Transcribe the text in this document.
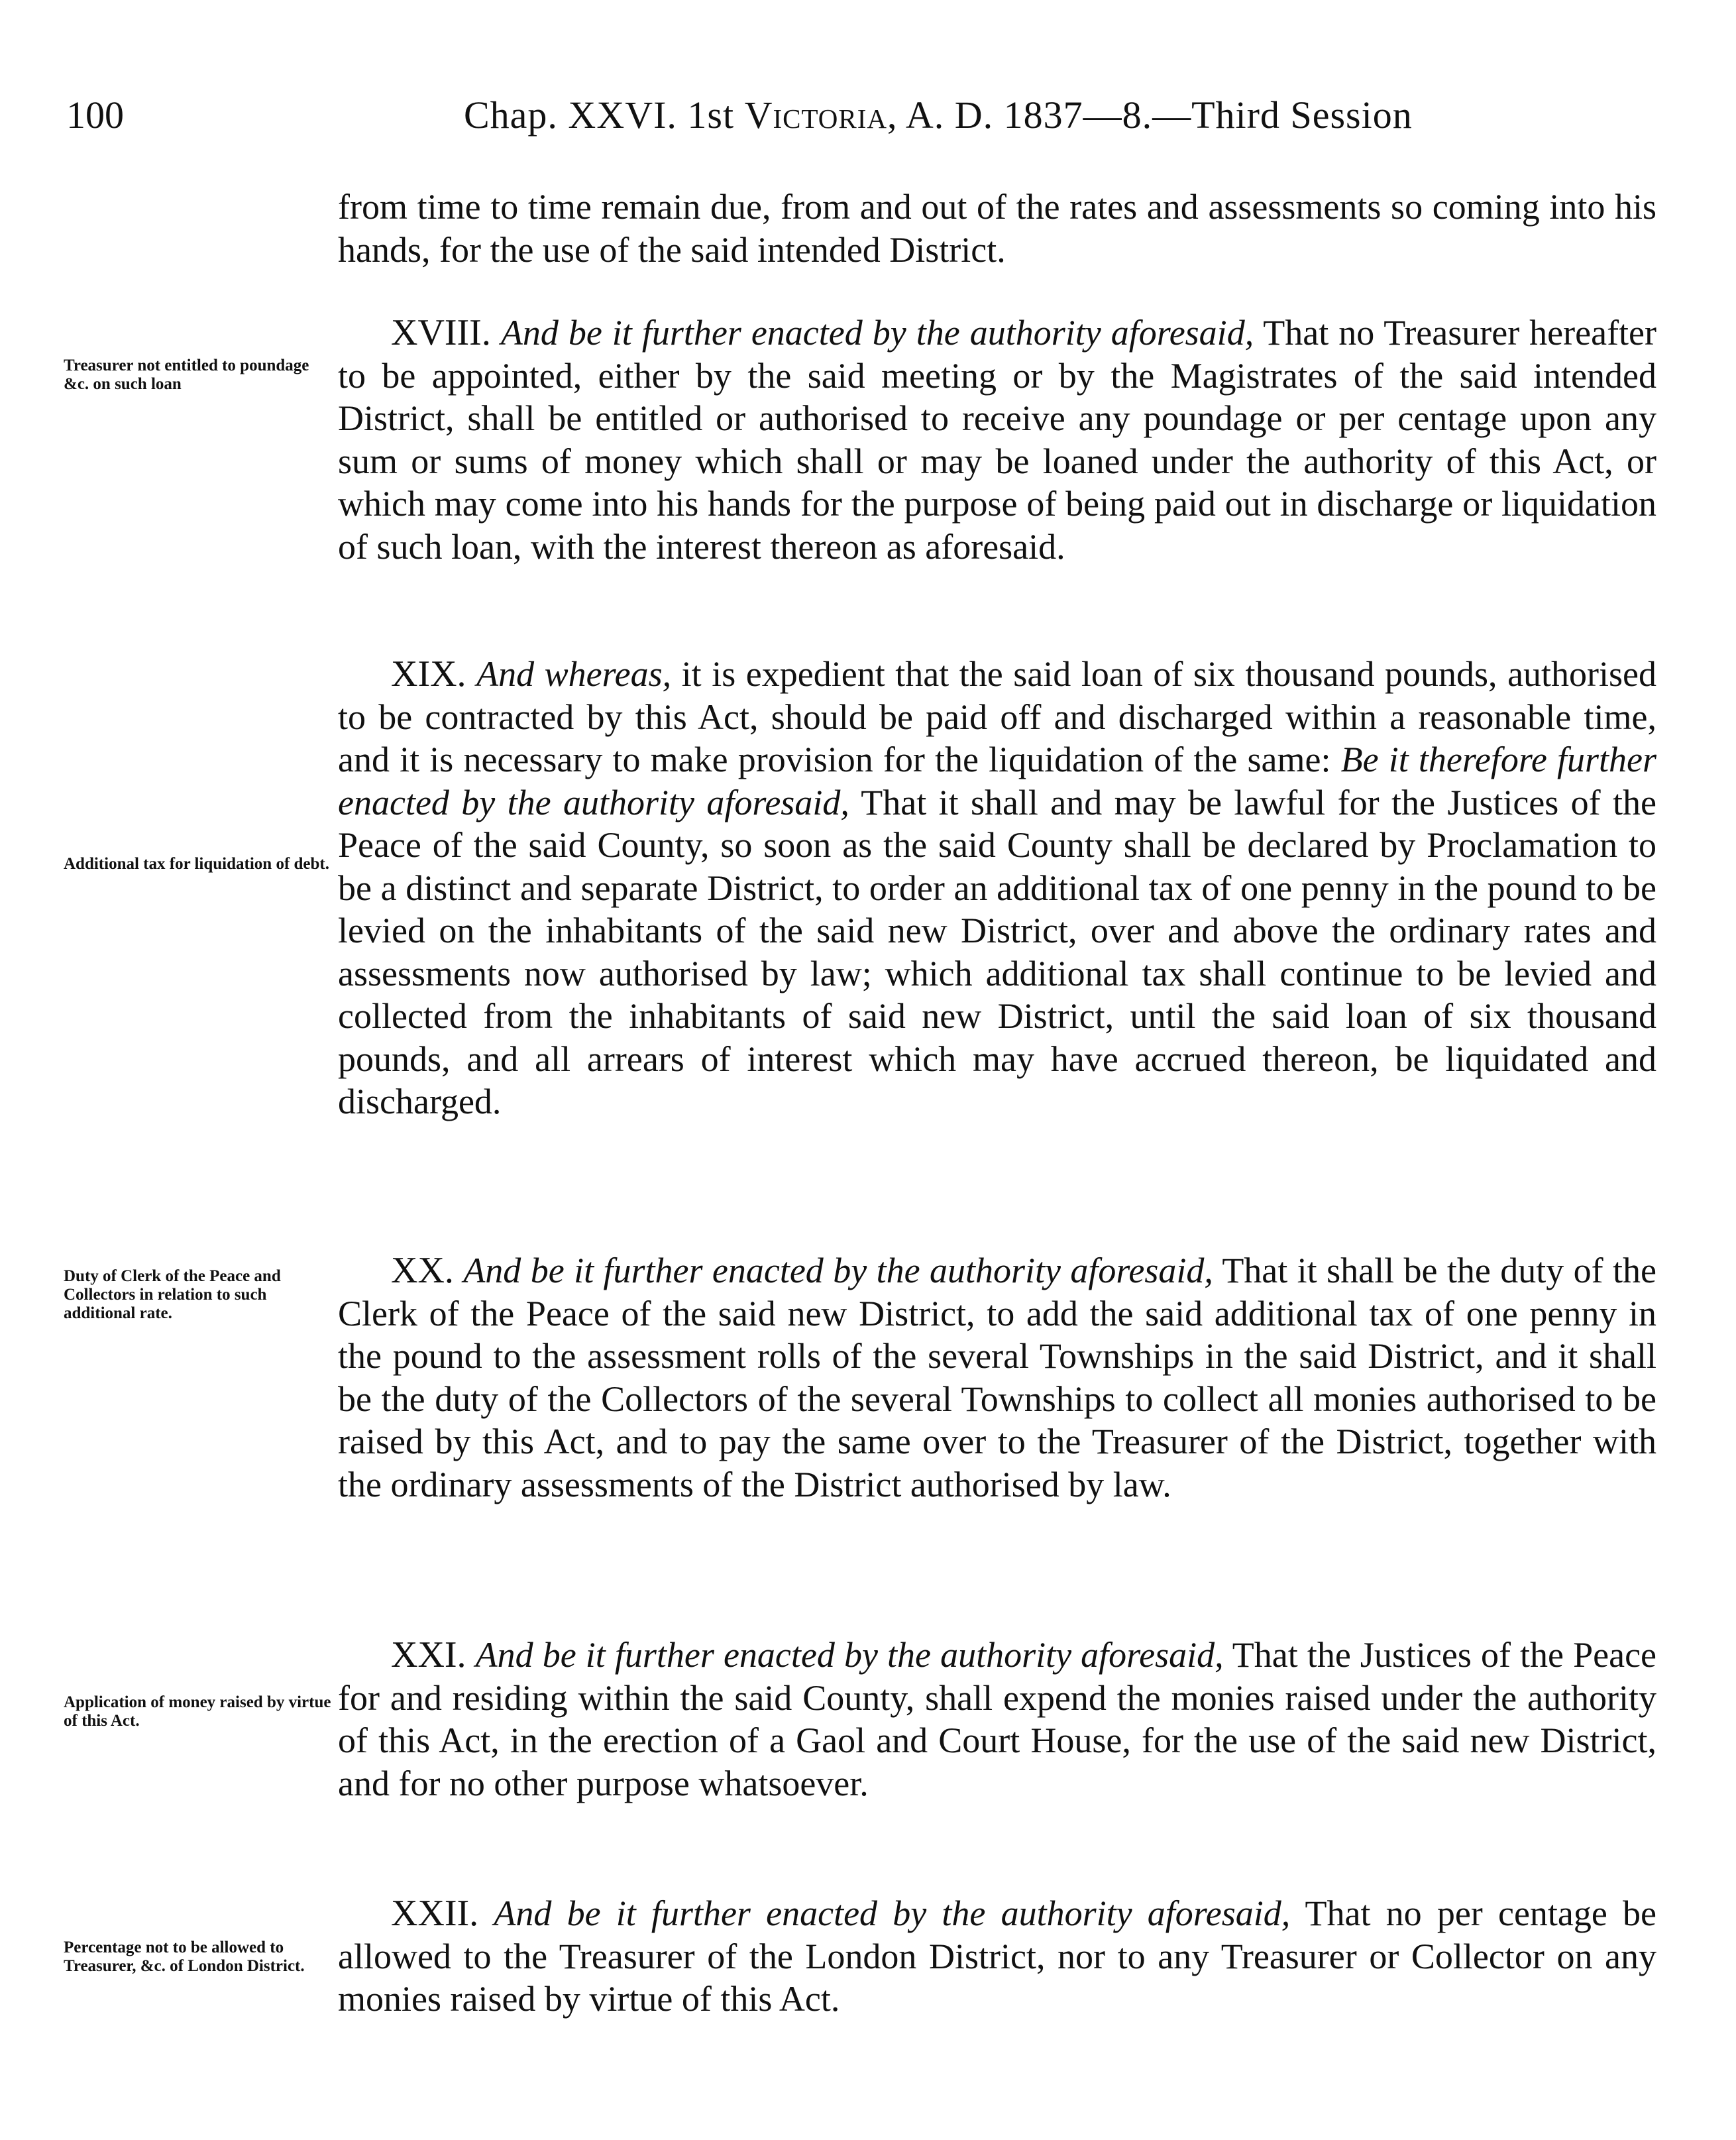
100	Chap. XXVI. 1st Victoria, A. D. 1837—8.—Third Session

from time to time remain due, from and out of the rates and assessments so coming into his hands, for the use of the said intended District.

XVIII. And be it further enacted by the authority aforesaid, That no Treasurer hereafter to be appointed, either by the said meeting or by the Magistrates of the said intended District, shall be entitled or authorised to receive any poundage or per centage upon any sum or sums of money which shall or may be loaned under the authority of this Act, or which may come into his hands for the purpose of being paid out in discharge or liquidation of such loan, with the interest thereon as aforesaid.
Treasurer not entitled to poundage &c. on such loan
XIX. And whereas, it is expedient that the said loan of six thousand pounds, authorised to be contracted by this Act, should be paid off and discharged within a reasonable time, and it is necessary to make provision for the liquidation of the same: Be it therefore further enacted by the authority aforesaid, That it shall and may be lawful for the Justices of the Peace of the said County, so soon as the said County shall be declared by Proclamation to be a distinct and separate District, to order an additional tax of one penny in the pound to be levied on the inhabitants of the said new District, over and above the ordinary rates and assessments now authorised by law; which additional tax shall continue to be levied and collected from the inhabitants of said new District, until the said loan of six thousand pounds, and all arrears of interest which may have accrued thereon, be liquidated and discharged.
Additional tax for liquidation of debt.
XX. And be it further enacted by the authority aforesaid, That it shall be the duty of the Clerk of the Peace of the said new District, to add the said additional tax of one penny in the pound to the assessment rolls of the several Townships in the said District, and it shall be the duty of the Collectors of the several Townships to collect all monies authorised to be raised by this Act, and to pay the same over to the Treasurer of the District, together with the ordinary assessments of the District authorised by law.
Duty of Clerk of the Peace and Collectors in relation to such additional rate.
XXI. And be it further enacted by the authority aforesaid, That the Justices of the Peace for and residing within the said County, shall expend the monies raised under the authority of this Act, in the erection of a Gaol and Court House, for the use of the said new District, and for no other purpose whatsoever.
Application of money raised by virtue of this Act.
XXII. And be it further enacted by the authority aforesaid, That no per centage be allowed to the Treasurer of the London District, nor to any Treasurer or Collector on any monies raised by virtue of this Act.
Percentage not to be allowed to Treasurer, &c. of London District.
